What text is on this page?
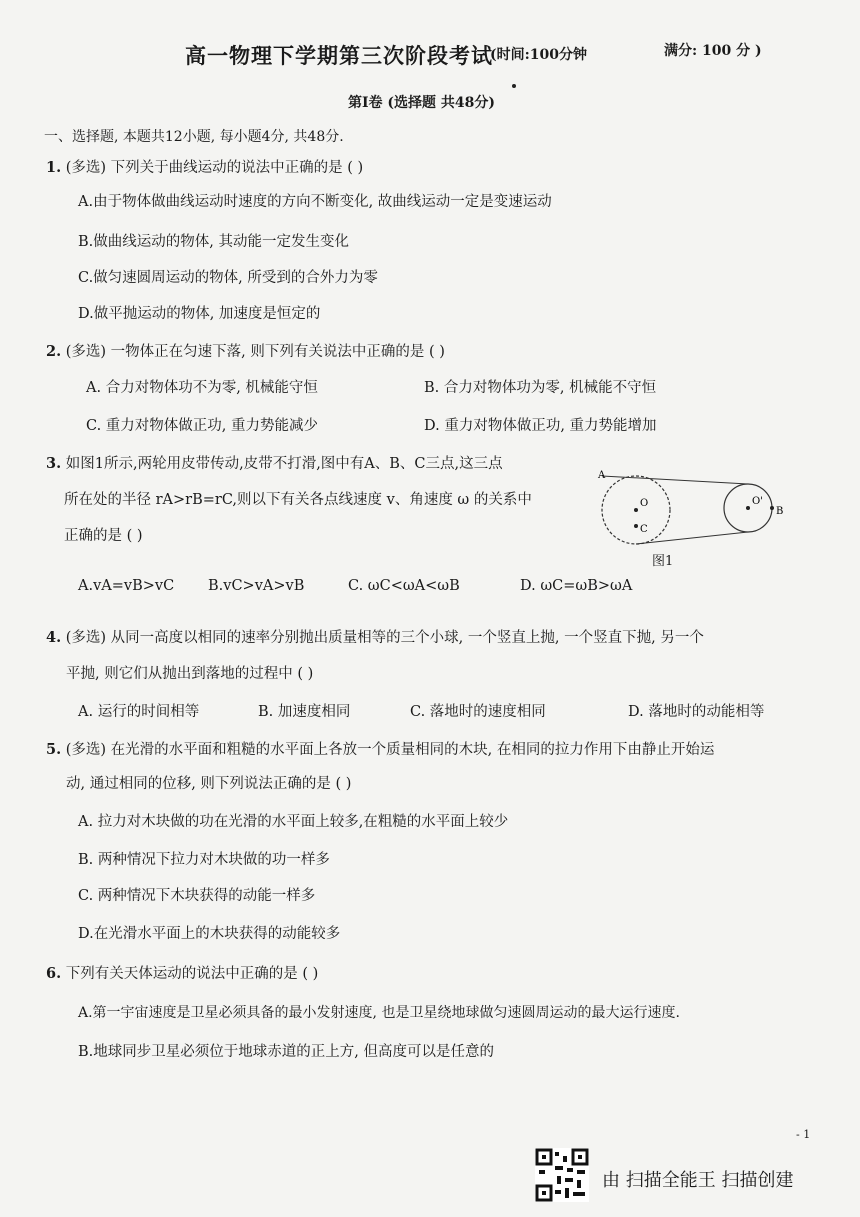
高一物理下学期第三次阶段考试
(时间:100分钟	满分: 100 分 )
第Ⅰ卷 (选择题 共48分)
一、选择题, 本题共12小题, 每小题4分, 共48分.
1. (多选) 下列关于曲线运动的说法中正确的是 ( )
A.由于物体做曲线运动时速度的方向不断变化, 故曲线运动一定是变速运动
B.做曲线运动的物体, 其动能一定发生变化
C.做匀速圆周运动的物体, 所受到的合外力为零
D.做平抛运动的物体, 加速度是恒定的
2. (多选) 一物体正在匀速下落, 则下列有关说法中正确的是 ( )
A. 合力对物体功不为零, 机械能守恒	B. 合力对物体功为零, 机械能不守恒
C. 重力对物体做正功, 重力势能减少	D. 重力对物体做正功, 重力势能增加
3. 如图1所示,两轮用皮带传动,皮带不打滑,图中有A、B、C三点,这三点
所在处的半径 rA>rB=rC,则以下有关各点线速度 v、角速度 ω 的关系中
正确的是 ( )
A
O
C
O'
B
图1
A.vA=vB>vC B.vC>vA>vB	C. ωC<ωA<ωB	D. ωC=ωB>ωA
4. (多选) 从同一高度以相同的速率分别抛出质量相等的三个小球, 一个竖直上抛, 一个竖直下抛, 另一个
平抛, 则它们从抛出到落地的过程中 ( )
A. 运行的时间相等	B. 加速度相同	C. 落地时的速度相同	D. 落地时的动能相等
5. (多选) 在光滑的水平面和粗糙的水平面上各放一个质量相同的木块, 在相同的拉力作用下由静止开始运
动, 通过相同的位移, 则下列说法正确的是 ( )
A. 拉力对木块做的功在光滑的水平面上较多,在粗糙的水平面上较少
B. 两种情况下拉力对木块做的功一样多
C. 两种情况下木块获得的动能一样多
D.在光滑水平面上的木块获得的动能较多
6. 下列有关天体运动的说法中正确的是 ( )
A.第一宇宙速度是卫星必须具备的最小发射速度, 也是卫星绕地球做匀速圆周运动的最大运行速度.
B.地球同步卫星必须位于地球赤道的正上方, 但高度可以是任意的
- 1
由 扫描全能王 扫描创建
